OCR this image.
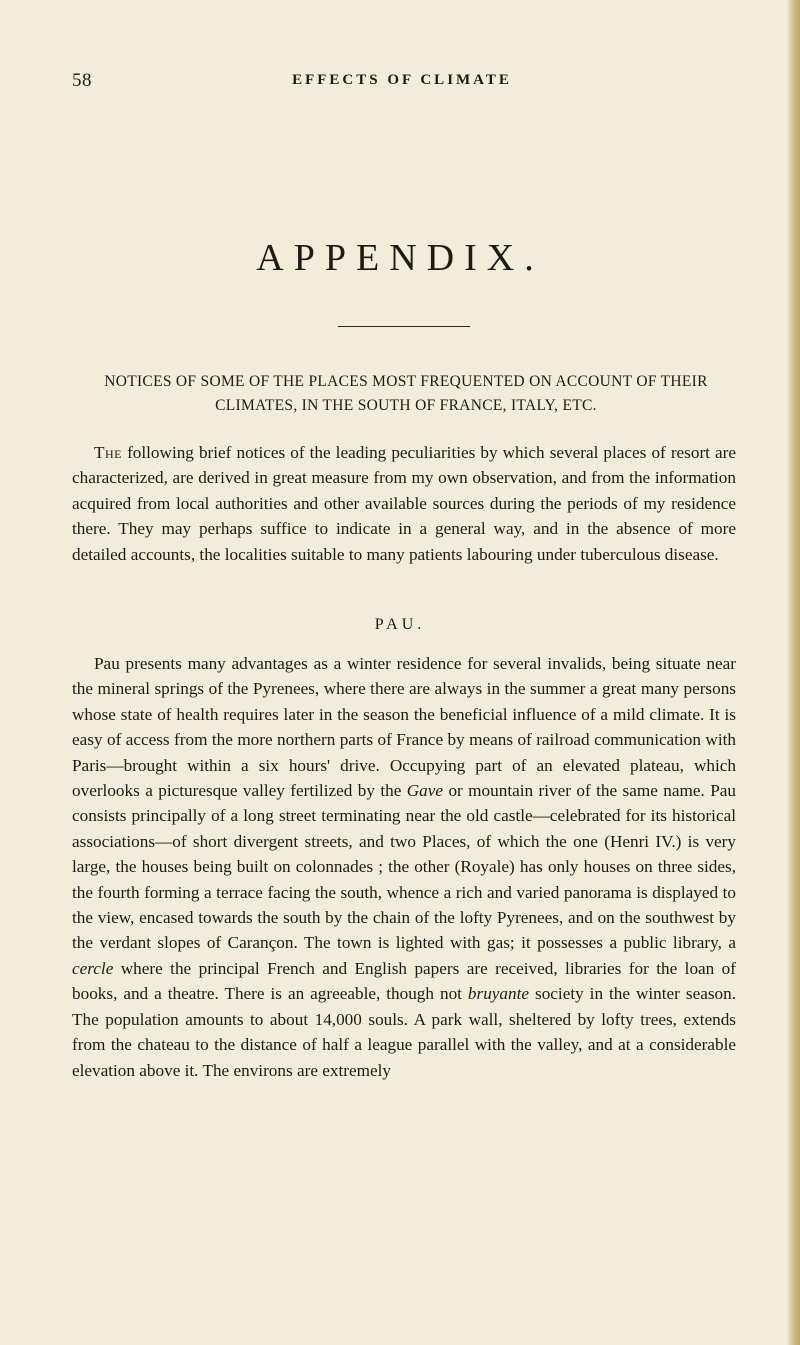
58	EFFECTS OF CLIMATE
APPENDIX.
NOTICES OF SOME OF THE PLACES MOST FREQUENTED ON ACCOUNT OF THEIR CLIMATES, IN THE SOUTH OF FRANCE, ITALY, ETC.

The following brief notices of the leading peculiarities by which several places of resort are characterized, are derived in great measure from my own observation, and from the information acquired from local authorities and other available sources during the periods of my residence there. They may perhaps suffice to indicate in a general way, and in the absence of more detailed accounts, the localities suitable to many patients labouring under tuberculous disease.

PAU.

Pau presents many advantages as a winter residence for several invalids, being situate near the mineral springs of the Pyrenees, where there are always in the summer a great many persons whose state of health requires later in the season the beneficial influence of a mild climate. It is easy of access from the more northern parts of France by means of railroad communication with Paris—brought within a six hours' drive. Occupying part of an elevated plateau, which overlooks a picturesque valley fertilized by the Gave or mountain river of the same name. Pau consists principally of a long street terminating near the old castle—celebrated for its historical associations—of short divergent streets, and two Places, of which the one (Henri IV.) is very large, the houses being built on colonnades ; the other (Royale) has only houses on three sides, the fourth forming a terrace facing the south, whence a rich and varied panorama is displayed to the view, encased towards the south by the chain of the lofty Pyrenees, and on the southwest by the verdant slopes of Carançon. The town is lighted with gas; it possesses a public library, a cercle where the principal French and English papers are received, libraries for the loan of books, and a theatre. There is an agreeable, though not bruyante society in the winter season. The population amounts to about 14,000 souls. A park wall, sheltered by lofty trees, extends from the chateau to the distance of half a league parallel with the valley, and at a considerable elevation above it. The environs are extremely
